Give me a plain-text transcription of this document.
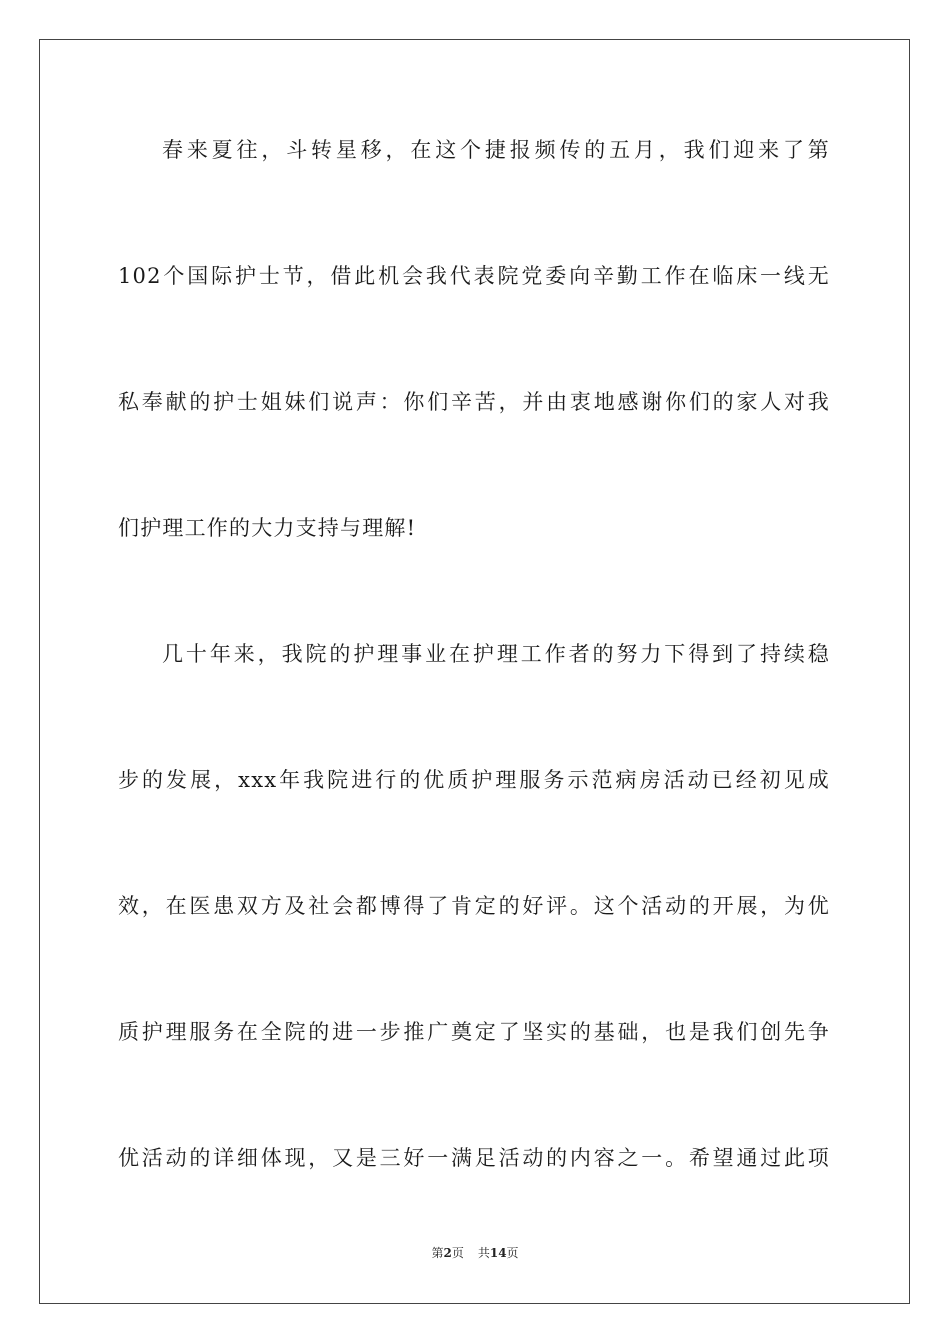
春来夏往，斗转星移，在这个捷报频传的五月，我们迎来了第
102个国际护士节，借此机会我代表院党委向辛勤工作在临床一线无
私奉献的护士姐妹们说声：你们辛苦，并由衷地感谢你们的家人对我
们护理工作的大力支持与理解!
几十年来，我院的护理事业在护理工作者的努力下得到了持续稳
步的发展，xxx年我院进行的优质护理服务示范病房活动已经初见成
效，在医患双方及社会都博得了肯定的好评。这个活动的开展，为优
质护理服务在全院的进一步推广奠定了坚实的基础，也是我们创先争
优活动的详细体现，又是三好一满足活动的内容之一。希望通过此项
第2页 共14页
